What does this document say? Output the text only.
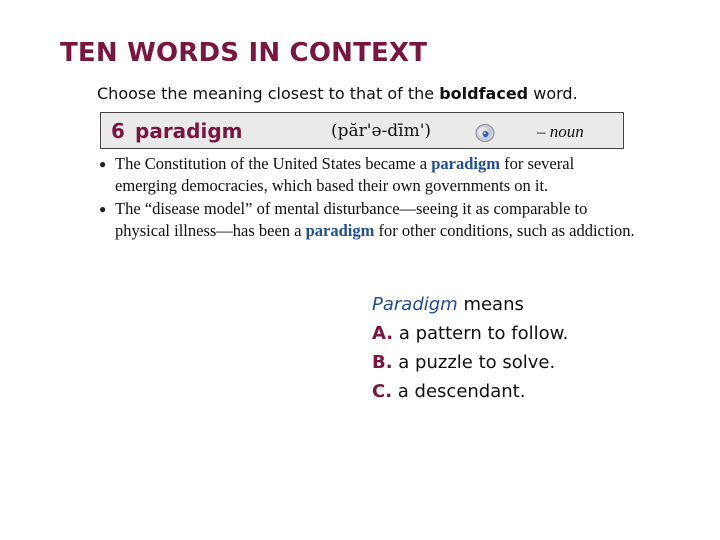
TEN WORDS IN CONTEXT
Choose the meaning closest to that of the boldfaced word.
6 paradigm	(păr'ə-dīm')	– noun
● The Constitution of the United States became a paradigm for several emerging democracies, which based their own governments on it.
● The “disease model” of mental disturbance—seeing it as comparable to physical illness—has been a paradigm for other conditions, such as addiction.
Paradigm means
A. a pattern to follow.
B. a puzzle to solve.
C. a descendant.
